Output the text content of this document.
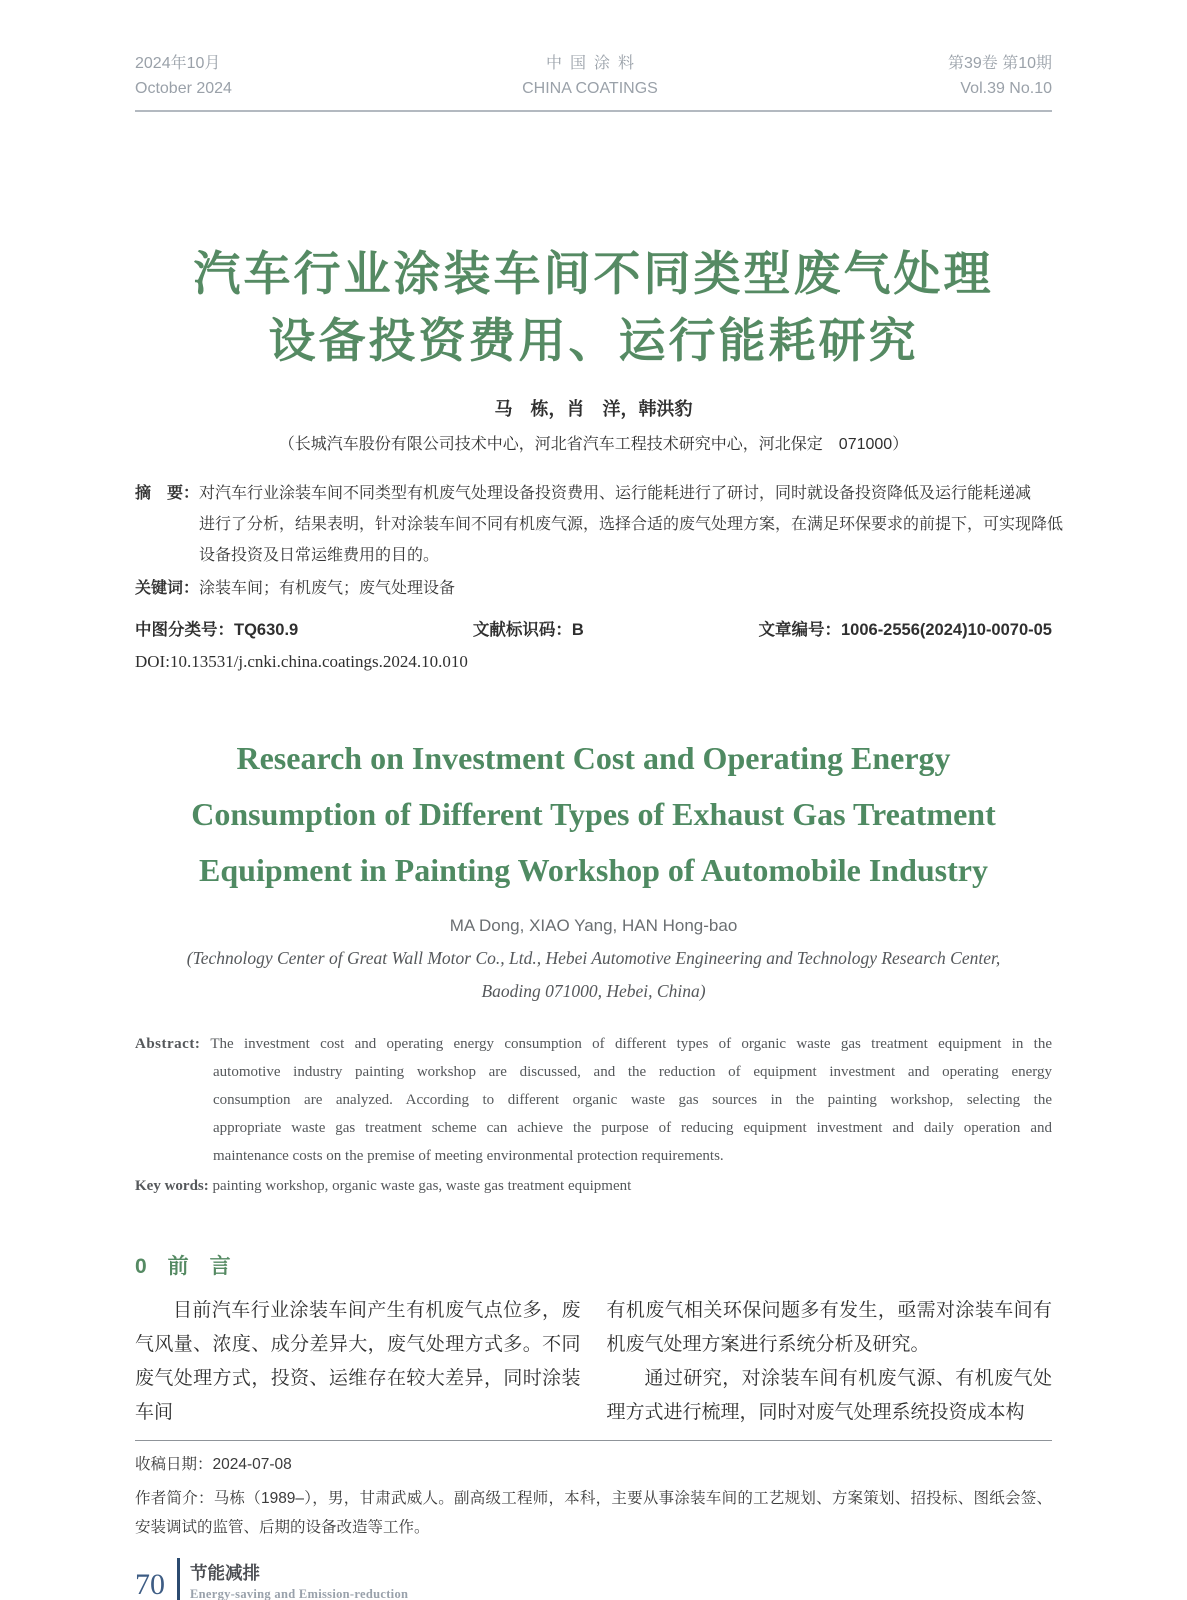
2024年10月
October 2024
中国涂料
CHINA COATINGS
第39卷 第10期
Vol.39 No.10
汽车行业涂装车间不同类型废气处理
设备投资费用、运行能耗研究
马　栋，肖　洋，韩洪豹
（长城汽车股份有限公司技术中心，河北省汽车工程技术研究中心，河北保定　071000）
摘　要：对汽车行业涂装车间不同类型有机废气处理设备投资费用、运行能耗进行了研讨，同时就设备投资降低及运行能耗递减
进行了分析，结果表明，针对涂装车间不同有机废气源，选择合适的废气处理方案，在满足环保要求的前提下，可实现降低
设备投资及日常运维费用的目的。
关键词：涂装车间；有机废气；废气处理设备
中图分类号：TQ630.9	文献标识码：B	文章编号：1006-2556(2024)10-0070-05
DOI:10.13531/j.cnki.china.coatings.2024.10.010
Research on Investment Cost and Operating Energy
Consumption of Different Types of Exhaust Gas Treatment
Equipment in Painting Workshop of Automobile Industry
MA Dong, XIAO Yang, HAN Hong-bao
(Technology Center of Great Wall Motor Co., Ltd., Hebei Automotive Engineering and Technology Research Center,
Baoding 071000, Hebei, China)
Abstract: The investment cost and operating energy consumption of different types of organic waste gas treatment equipment in the
automotive industry painting workshop are discussed, and the reduction of equipment investment and operating energy
consumption are analyzed. According to different organic waste gas sources in the painting workshop, selecting the
appropriate waste gas treatment scheme can achieve the purpose of reducing equipment investment and daily operation and
maintenance costs on the premise of meeting environmental protection requirements.
Key words: painting workshop, organic waste gas, waste gas treatment equipment
0　前　言

目前汽车行业涂装车间产生有机废气点位多，废气风量、浓度、成分差异大，废气处理方式多。不同废气处理方式，投资、运维存在较大差异，同时涂装车间

有机废气相关环保问题多有发生，亟需对涂装车间有机废气处理方案进行系统分析及研究。

通过研究，对涂装车间有机废气源、有机废气处理方式进行梳理，同时对废气处理系统投资成本构

收稿日期：2024-07-08
作者简介：马栋（1989–），男，甘肃武威人。副高级工程师，本科，主要从事涂装车间的工艺规划、方案策划、招投标、图纸会签、安装调试的监管、后期的设备改造等工作。
70 节能减排
Energy-saving and Emission-reduction
